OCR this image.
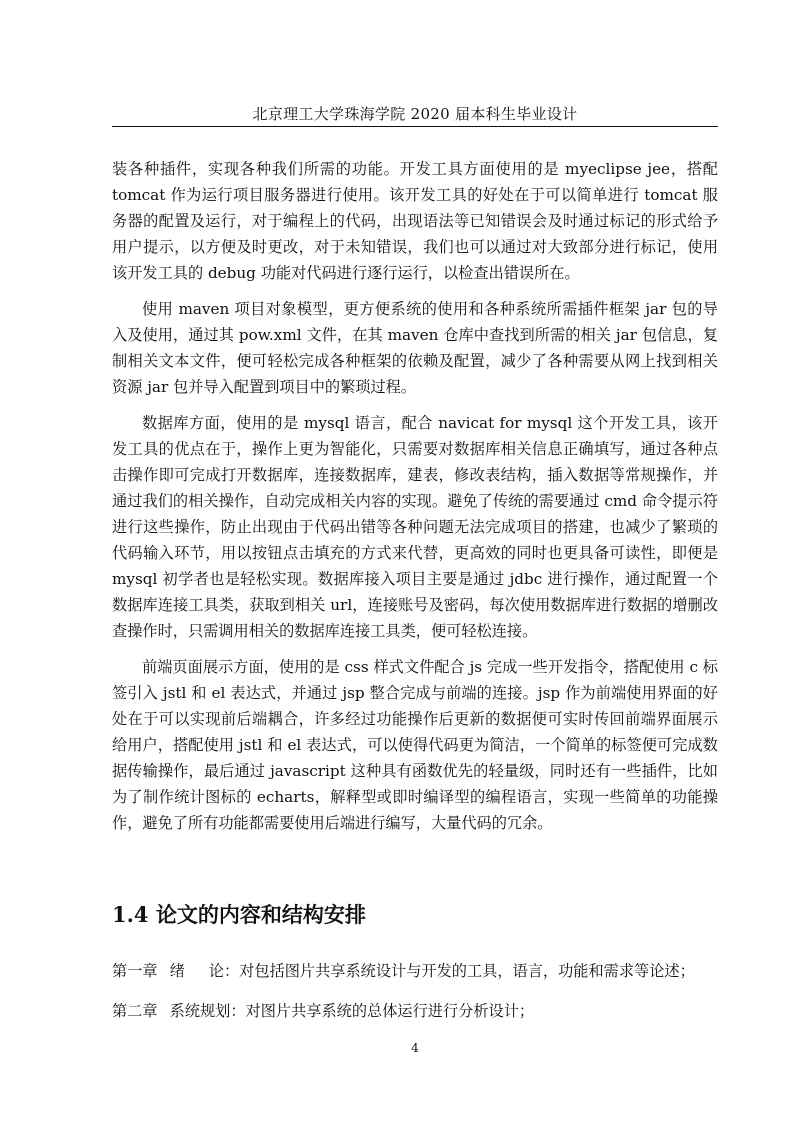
北京理工大学珠海学院 2020 届本科生毕业设计

装各种插件，实现各种我们所需的功能。开发工具方面使用的是 myeclipse jee，搭配 tomcat 作为运行项目服务器进行使用。该开发工具的好处在于可以简单进行 tomcat 服务器的配置及运行，对于编程上的代码，出现语法等已知错误会及时通过标记的形式给予用户提示，以方便及时更改，对于未知错误，我们也可以通过对大致部分进行标记，使用该开发工具的 debug 功能对代码进行逐行运行，以检查出错误所在。

使用 maven 项目对象模型，更方便系统的使用和各种系统所需插件框架 jar 包的导入及使用，通过其 pow.xml 文件，在其 maven 仓库中查找到所需的相关 jar 包信息，复制相关文本文件，便可轻松完成各种框架的依赖及配置，减少了各种需要从网上找到相关资源 jar 包并导入配置到项目中的繁琐过程。

数据库方面，使用的是 mysql 语言，配合 navicat for mysql 这个开发工具，该开发工具的优点在于，操作上更为智能化，只需要对数据库相关信息正确填写，通过各种点击操作即可完成打开数据库，连接数据库，建表，修改表结构，插入数据等常规操作，并通过我们的相关操作，自动完成相关内容的实现。避免了传统的需要通过 cmd 命令提示符进行这些操作，防止出现由于代码出错等各种问题无法完成项目的搭建，也减少了繁琐的代码输入环节，用以按钮点击填充的方式来代替，更高效的同时也更具备可读性，即便是 mysql 初学者也是轻松实现。数据库接入项目主要是通过 jdbc 进行操作，通过配置一个数据库连接工具类，获取到相关 url，连接账号及密码，每次使用数据库进行数据的增删改查操作时，只需调用相关的数据库连接工具类，便可轻松连接。

前端页面展示方面，使用的是 css 样式文件配合 js 完成一些开发指令，搭配使用 c 标签引入 jstl 和 el 表达式，并通过 jsp 整合完成与前端的连接。jsp 作为前端使用界面的好处在于可以实现前后端耦合，许多经过功能操作后更新的数据便可实时传回前端界面展示给用户，搭配使用 jstl 和 el 表达式，可以使得代码更为简洁，一个简单的标签便可完成数据传输操作，最后通过 javascript 这种具有函数优先的轻量级，同时还有一些插件，比如为了制作统计图标的 echarts，解释型或即时编译型的编程语言，实现一些简单的功能操作，避免了所有功能都需要使用后端进行编写，大量代码的冗余。

1.4 论文的内容和结构安排
第一章 绪 论：对包括图片共享系统设计与开发的工具，语言，功能和需求等论述；
第二章 系统规划：对图片共享系统的总体运行进行分析设计；
4
